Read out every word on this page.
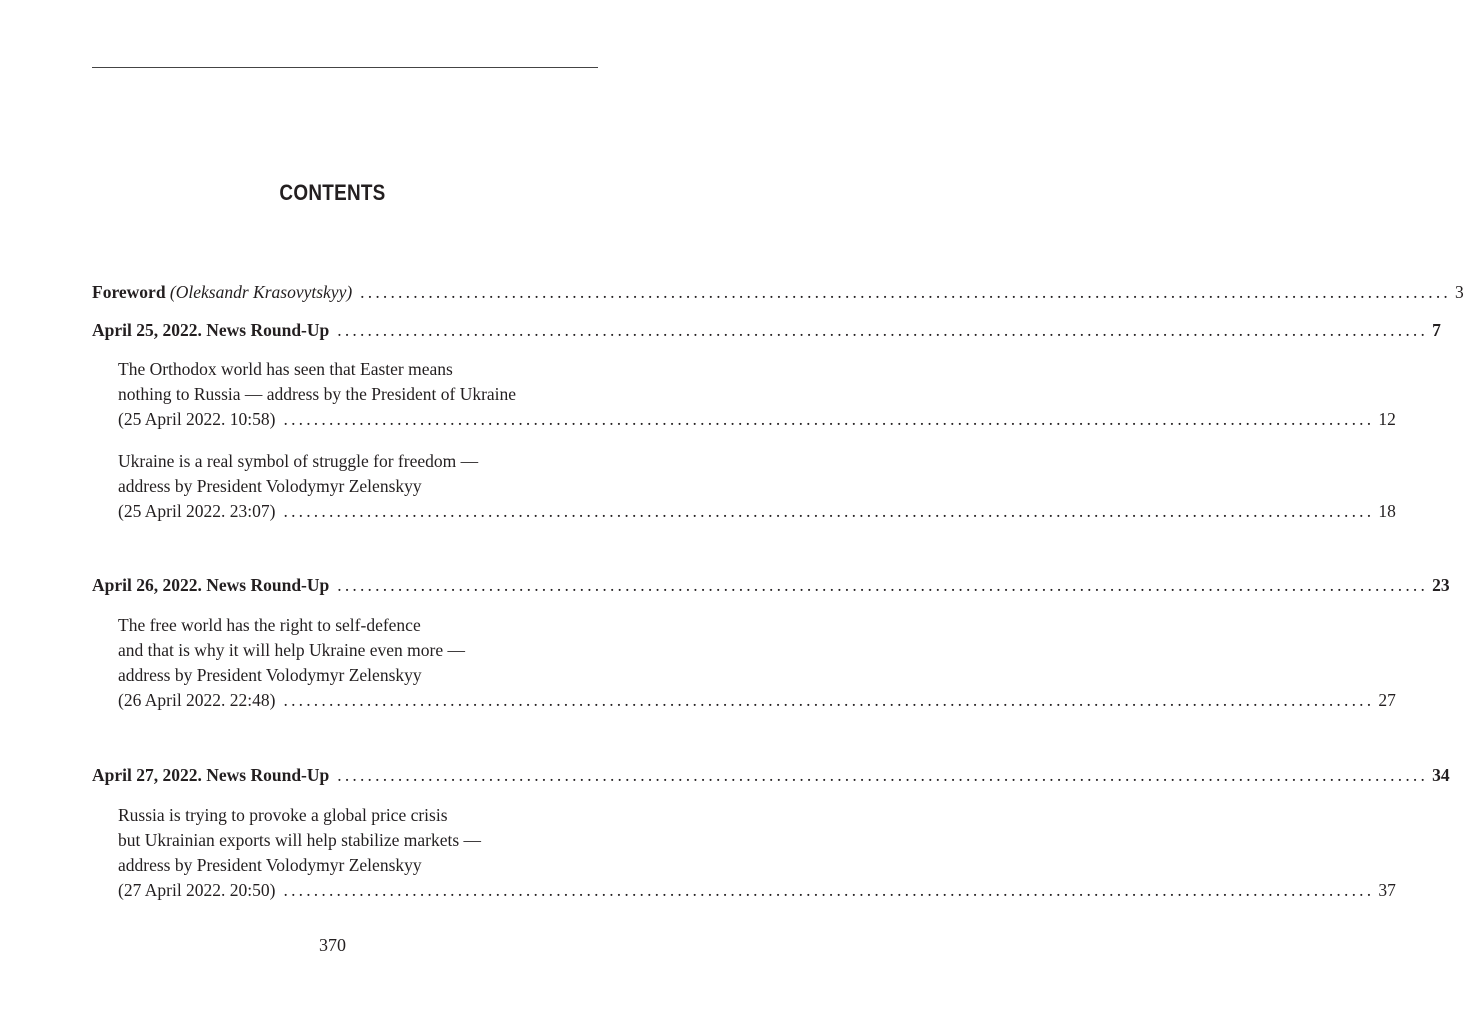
CONTENTS
Foreword (Oleksandr Krasovytskyy) ................................................................................................................................................ 3
April 25, 2022. News Round-Up ................................................................................................................................................ 7
The Orthodox world has seen that Easter means
nothing to Russia — address by the President of Ukraine
(25 April 2022. 10:58) ................................................................................................................................................ 12
Ukraine is a real symbol of struggle for freedom —
address by President Volodymyr Zelenskyy
(25 April 2022. 23:07) ................................................................................................................................................ 18
April 26, 2022. News Round-Up ................................................................................................................................................ 23
The free world has the right to self-defence
and that is why it will help Ukraine even more —
address by President Volodymyr Zelenskyy
(26 April 2022. 22:48) ................................................................................................................................................ 27
April 27, 2022. News Round-Up ................................................................................................................................................ 34
Russia is trying to provoke a global price crisis
but Ukrainian exports will help stabilize markets —
address by President Volodymyr Zelenskyy
(27 April 2022. 20:50) ................................................................................................................................................ 37
370
